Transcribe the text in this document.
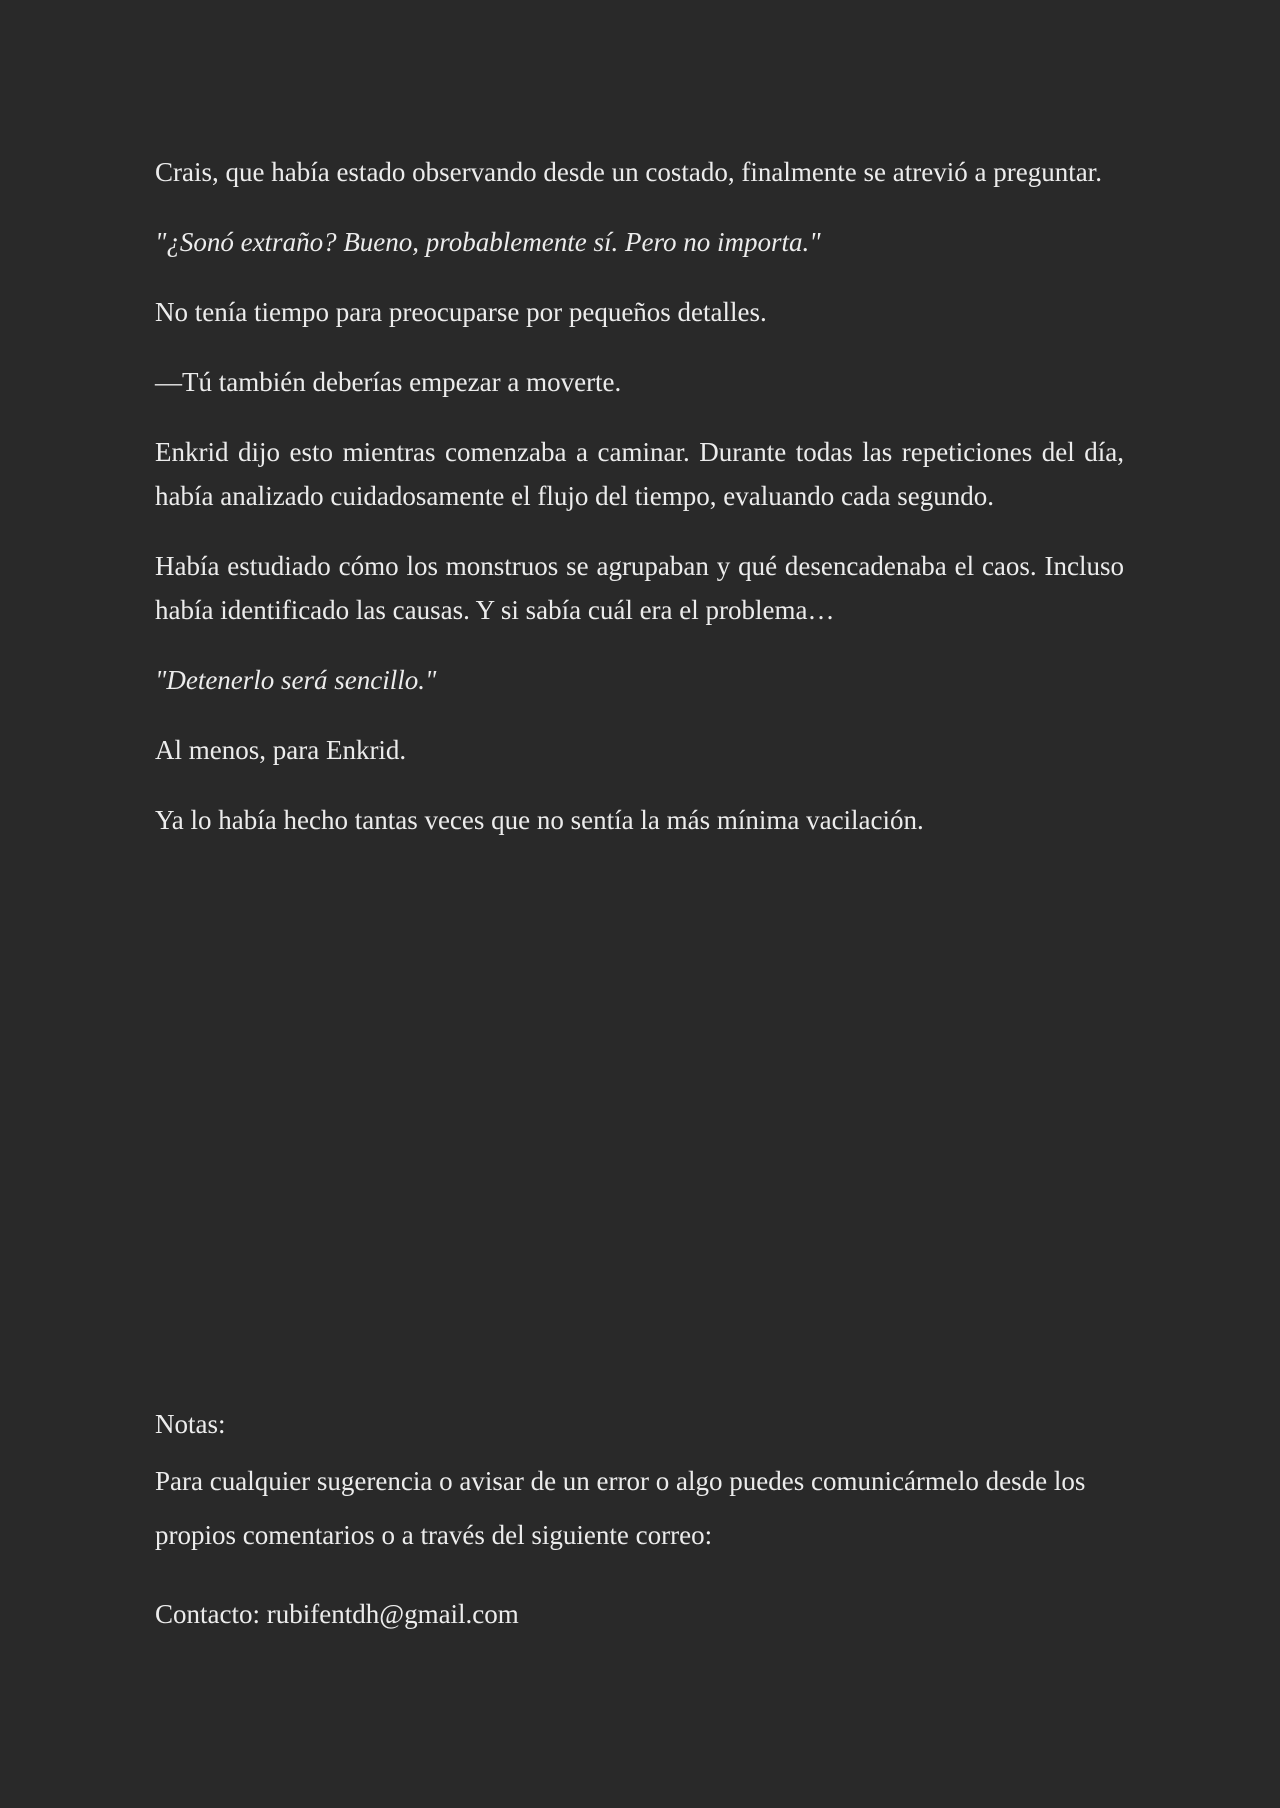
Crais, que había estado observando desde un costado, finalmente se atrevió a preguntar.

"¿Sonó extraño? Bueno, probablemente sí. Pero no importa."

No tenía tiempo para preocuparse por pequeños detalles.

—Tú también deberías empezar a moverte.

Enkrid dijo esto mientras comenzaba a caminar. Durante todas las repeticiones del día, había analizado cuidadosamente el flujo del tiempo, evaluando cada segundo.

Había estudiado cómo los monstruos se agrupaban y qué desencadenaba el caos. Incluso había identificado las causas. Y si sabía cuál era el problema…

"Detenerlo será sencillo."

Al menos, para Enkrid.

Ya lo había hecho tantas veces que no sentía la más mínima vacilación.

Notas:

Para cualquier sugerencia o avisar de un error o algo puedes comunicármelo desde los propios comentarios o a través del siguiente correo:

Contacto: rubifentdh@gmail.com
